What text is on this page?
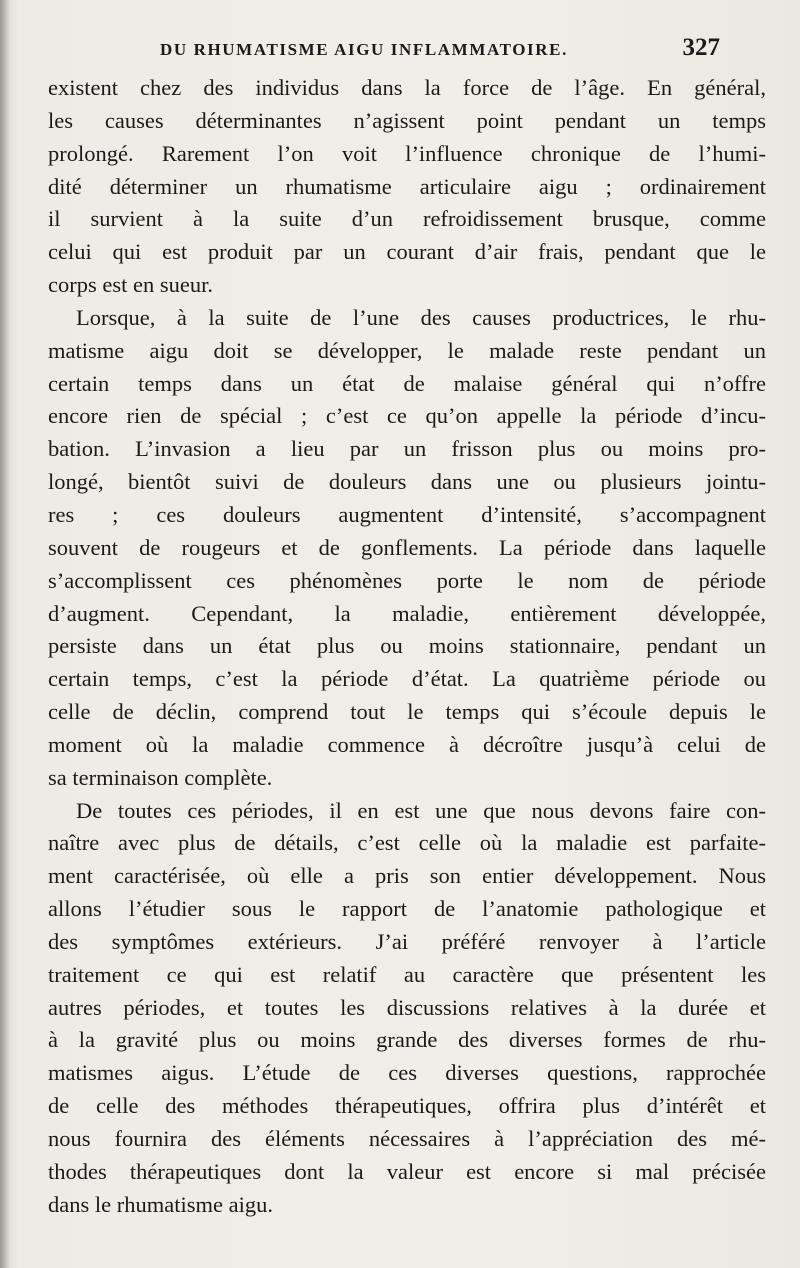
DU RHUMATISME AIGU INFLAMMATOIRE.	327

existent chez des individus dans la force de l’âge. En général,

les causes déterminantes n’agissent point pendant un temps

prolongé. Rarement l’on voit l’influence chronique de l’humi-

dité déterminer un rhumatisme articulaire aigu ; ordinairement

il survient à la suite d’un refroidissement brusque, comme

celui qui est produit par un courant d’air frais, pendant que le

corps est en sueur.

Lorsque, à la suite de l’une des causes productrices, le rhu-

matisme aigu doit se développer, le malade reste pendant un

certain temps dans un état de malaise général qui n’offre

encore rien de spécial ; c’est ce qu’on appelle la période d’incu-

bation. L’invasion a lieu par un frisson plus ou moins pro-

longé, bientôt suivi de douleurs dans une ou plusieurs jointu-

res ; ces douleurs augmentent d’intensité, s’accompagnent

souvent de rougeurs et de gonflements. La période dans laquelle

s’accomplissent ces phénomènes porte le nom de période

d’augment. Cependant, la maladie, entièrement développée,

persiste dans un état plus ou moins stationnaire, pendant un

certain temps, c’est la période d’état. La quatrième période ou

celle de déclin, comprend tout le temps qui s’écoule depuis le

moment où la maladie commence à décroître jusqu’à celui de

sa terminaison complète.

De toutes ces périodes, il en est une que nous devons faire con-

naître avec plus de détails, c’est celle où la maladie est parfaite-

ment caractérisée, où elle a pris son entier développement. Nous

allons l’étudier sous le rapport de l’anatomie pathologique et

des symptômes extérieurs. J’ai préféré renvoyer à l’article

traitement ce qui est relatif au caractère que présentent les

autres périodes, et toutes les discussions relatives à la durée et

à la gravité plus ou moins grande des diverses formes de rhu-

matismes aigus. L’étude de ces diverses questions, rapprochée

de celle des méthodes thérapeutiques, offrira plus d’intérêt et

nous fournira des éléments nécessaires à l’appréciation des mé-

thodes thérapeutiques dont la valeur est encore si mal précisée

dans le rhumatisme aigu.
